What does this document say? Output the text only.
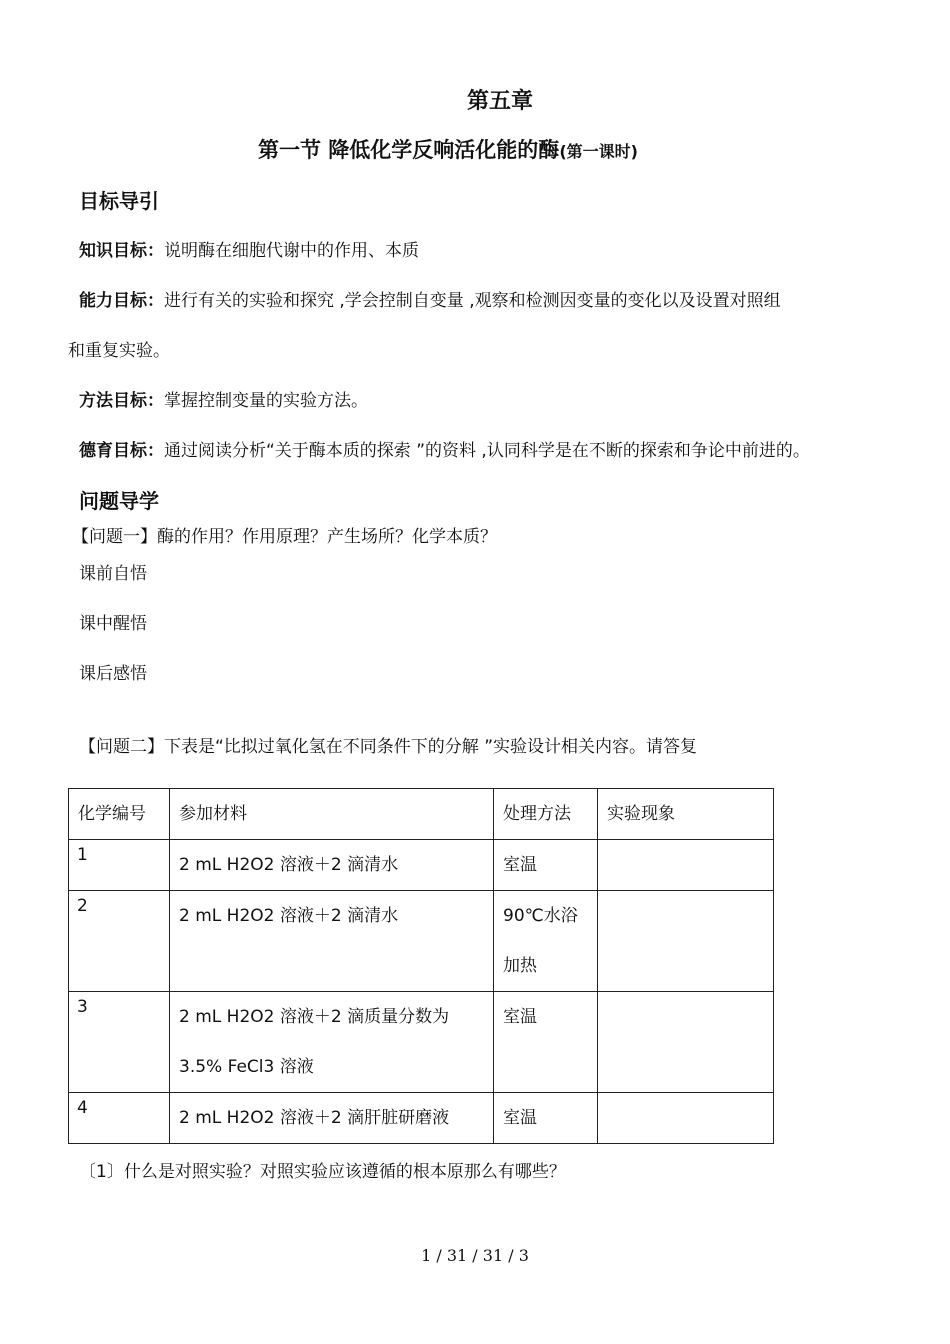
第五章
第一节 降低化学反响活化能的酶(第一课时)
目标导引
知识目标：说明酶在细胞代谢中的作用、本质
能力目标：进行有关的实验和探究 ,学会控制自变量 ,观察和检测因变量的变化以及设置对照组
和重复实验。
方法目标：掌握控制变量的实验方法。
德育目标：通过阅读分析“关于酶本质的探索 ”的资料 ,认同科学是在不断的探索和争论中前进的。
问题导学
【问题一】酶的作用？作用原理？产生场所？化学本质？
课前自悟
课中醒悟
课后感悟
【问题二】下表是“比拟过氧化氢在不同条件下的分解 ”实验设计相关内容。请答复
化学编号	参加材料	处理方法	实验现象

1	2 mL H2O2 溶液＋2 滴清水	室温	

2	2 mL H2O2 溶液＋2 滴清水	90℃水浴
加热	

3	2 mL H2O2 溶液＋2 滴质量分数为
3.5% FeCl3 溶液	室温	

4	2 mL H2O2 溶液＋2 滴肝脏研磨液	室温	

〔1〕什么是对照实验？对照实验应该遵循的根本原那么有哪些？
1 / 31 / 31 / 3
